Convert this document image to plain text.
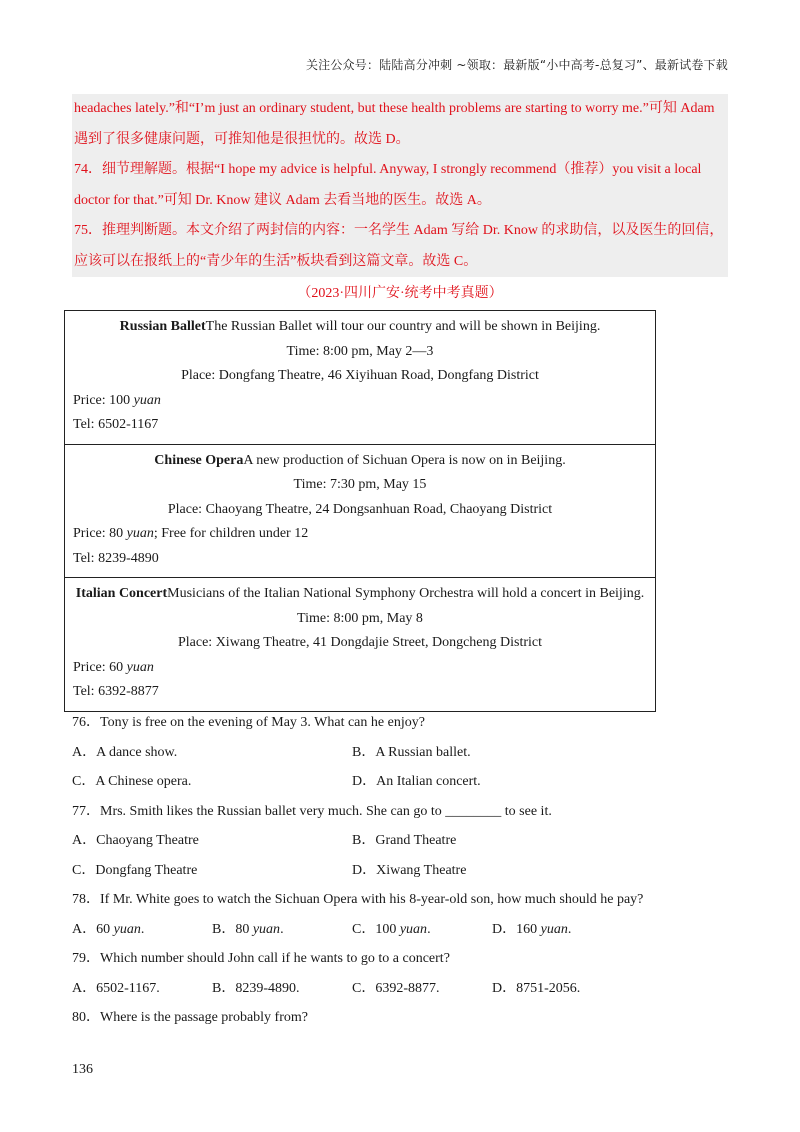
关注公众号：陆陆高分冲刺 ~领取：最新版“小中高考-总复习”、最新试卷下载

headaches lately.”和“I’m just an ordinary student, but these health problems are starting to worry me.”可知 Adam

遇到了很多健康问题，可推知他是很担忧的。故选 D。

74．细节理解题。根据“I hope my advice is helpful. Anyway, I strongly recommend（推荐）you visit a local

doctor for that.”可知 Dr. Know 建议 Adam 去看当地的医生。故选 A。

75．推理判断题。本文介绍了两封信的内容：一名学生 Adam 写给 Dr. Know 的求助信，以及医生的回信，

应该可以在报纸上的“青少年的生活”板块看到这篇文章。故选 C。

（2023·四川广安·统考中考真题）
Russian BalletThe Russian Ballet will tour our country and will be shown in Beijing.
Time: 8:00 pm, May 2—3
Place: Dongfang Theatre, 46 Xiyihuan Road, Dongfang District
Price: 100 yuan
Tel: 6502-1167
Chinese OperaA new production of Sichuan Opera is now on in Beijing.
Time: 7:30 pm, May 15
Place: Chaoyang Theatre, 24 Dongsanhuan Road, Chaoyang District
Price: 80 yuan; Free for children under 12
Tel: 8239-4890
Italian ConcertMusicians of the Italian National Symphony Orchestra will hold a concert in Beijing.
Time: 8:00 pm, May 8
Place: Xiwang Theatre, 41 Dongdajie Street, Dongcheng District
Price: 60 yuan
Tel: 6392-8877
76．Tony is free on the evening of May 3. What can he enjoy?
A．A dance show.	B．A Russian ballet.
C．A Chinese opera.	D．An Italian concert.
77．Mrs. Smith likes the Russian ballet very much. She can go to ________ to see it.
A．Chaoyang Theatre	B．Grand Theatre
C．Dongfang Theatre	D．Xiwang Theatre
78．If Mr. White goes to watch the Sichuan Opera with his 8-year-old son, how much should he pay?
A．60 yuan.	B．80 yuan.	C．100 yuan.	D．160 yuan.
79．Which number should John call if he wants to go to a concert?
A．6502-1167.	B．8239-4890.	C．6392-8877.	D．8751-2056.
80．Where is the passage probably from?
136
